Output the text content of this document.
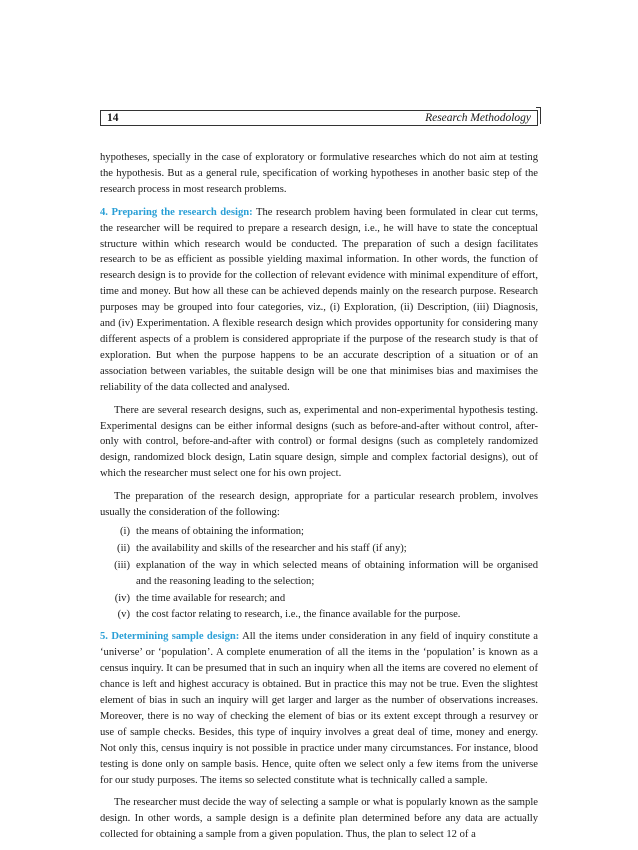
14	Research Methodology

hypotheses, specially in the case of exploratory or formulative researches which do not aim at testing the hypothesis. But as a general rule, specification of working hypotheses in another basic step of the research process in most research problems.

4. Preparing the research design: The research problem having been formulated in clear cut terms, the researcher will be required to prepare a research design, i.e., he will have to state the conceptual structure within which research would be conducted. The preparation of such a design facilitates research to be as efficient as possible yielding maximal information. In other words, the function of research design is to provide for the collection of relevant evidence with minimal expenditure of effort, time and money. But how all these can be achieved depends mainly on the research purpose. Research purposes may be grouped into four categories, viz., (i) Exploration, (ii) Description, (iii) Diagnosis, and (iv) Experimentation. A flexible research design which provides opportunity for considering many different aspects of a problem is considered appropriate if the purpose of the research study is that of exploration. But when the purpose happens to be an accurate description of a situation or of an association between variables, the suitable design will be one that minimises bias and maximises the reliability of the data collected and analysed.

There are several research designs, such as, experimental and non-experimental hypothesis testing. Experimental designs can be either informal designs (such as before-and-after without control, after-only with control, before-and-after with control) or formal designs (such as completely randomized design, randomized block design, Latin square design, simple and complex factorial designs), out of which the researcher must select one for his own project.

The preparation of the research design, appropriate for a particular research problem, involves usually the consideration of the following:

(i) the means of obtaining the information;
(ii) the availability and skills of the researcher and his staff (if any);
(iii) explanation of the way in which selected means of obtaining information will be organised and the reasoning leading to the selection;
(iv) the time available for research; and
(v) the cost factor relating to research, i.e., the finance available for the purpose.

5. Determining sample design: All the items under consideration in any field of inquiry constitute a ‘universe’ or ‘population’. A complete enumeration of all the items in the ‘population’ is known as a census inquiry. It can be presumed that in such an inquiry when all the items are covered no element of chance is left and highest accuracy is obtained. But in practice this may not be true. Even the slightest element of bias in such an inquiry will get larger and larger as the number of observations increases. Moreover, there is no way of checking the element of bias or its extent except through a resurvey or use of sample checks. Besides, this type of inquiry involves a great deal of time, money and energy. Not only this, census inquiry is not possible in practice under many circumstances. For instance, blood testing is done only on sample basis. Hence, quite often we select only a few items from the universe for our study purposes. The items so selected constitute what is technically called a sample.

The researcher must decide the way of selecting a sample or what is popularly known as the sample design. In other words, a sample design is a definite plan determined before any data are actually collected for obtaining a sample from a given population. Thus, the plan to select 12 of a
